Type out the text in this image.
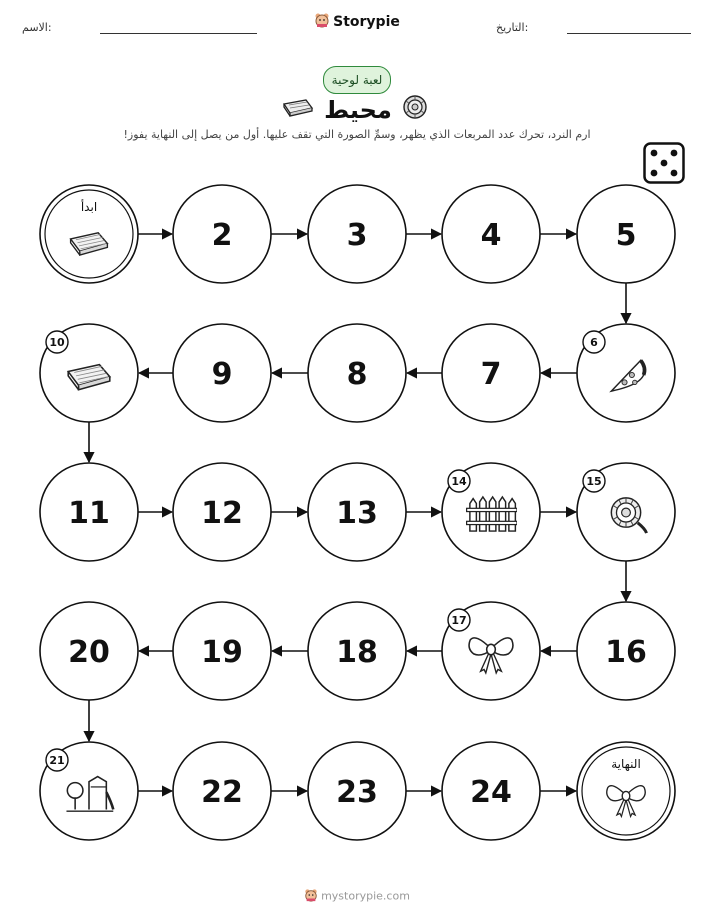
الاسم:	Storypie	التاريخ:
لعبة لوحية
محيط
ارم النرد، تحرك عدد المربعات الذي يظهر، وسمِّ الصورة التي تقف عليها. أول من يصل إلى النهاية يفوز!
ابدأ
2	3	4	5
6
7
8
9
10
11	12	13
14	15
16
17
18
19
20
21
22	23	24
النهاية
mystorypie.com
